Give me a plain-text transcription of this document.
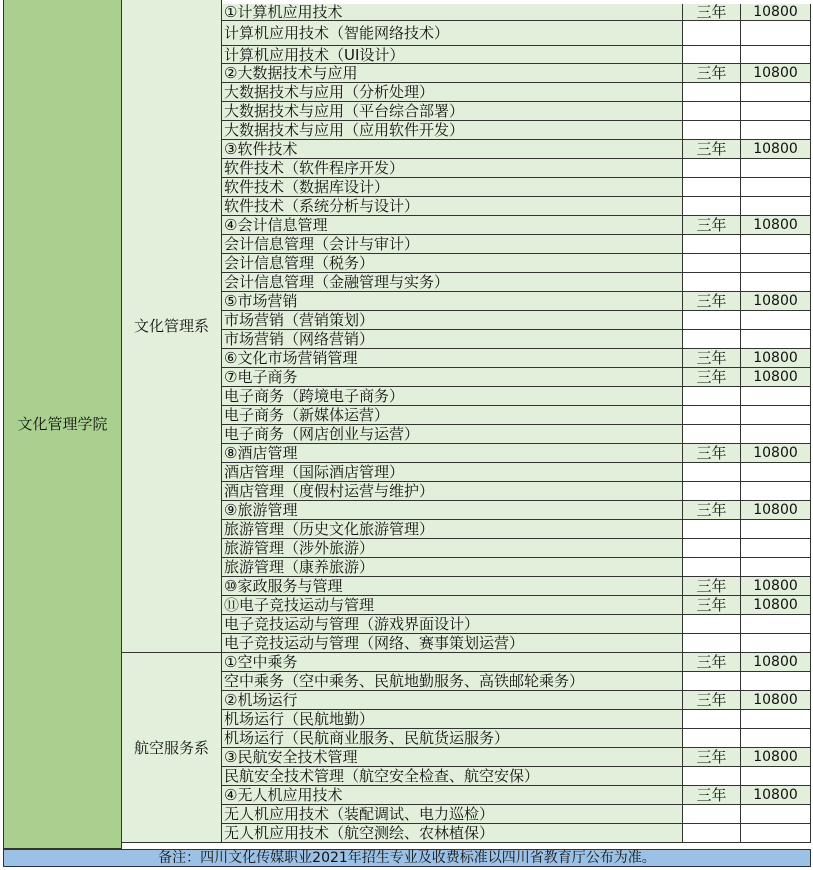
文化管理学院
文化管理系
航空服务系
①计算机应用技术	三年	10800
计算机应用技术（智能网络技术）
计算机应用技术（UI设计）
②大数据技术与应用	三年	10800
大数据技术与应用（分析处理）
大数据技术与应用（平台综合部署）
大数据技术与应用（应用软件开发）
③软件技术	三年	10800
软件技术（软件程序开发）
软件技术（数据库设计）
软件技术（系统分析与设计）
④会计信息管理	三年	10800
会计信息管理（会计与审计）
会计信息管理（税务）
会计信息管理（金融管理与实务）
⑤市场营销	三年	10800
市场营销（营销策划）
市场营销（网络营销）
⑥文化市场营销管理	三年	10800
⑦电子商务	三年	10800
电子商务（跨境电子商务）
电子商务（新媒体运营）
电子商务（网店创业与运营）
⑧酒店管理	三年	10800
酒店管理（国际酒店管理）
酒店管理（度假村运营与维护）
⑨旅游管理	三年	10800
旅游管理（历史文化旅游管理）
旅游管理（涉外旅游）
旅游管理（康养旅游）
⑩家政服务与管理	三年	10800
⑪电子竞技运动与管理	三年	10800
电子竞技运动与管理（游戏界面设计）
电子竞技运动与管理（网络、赛事策划运营）
①空中乘务	三年	10800
空中乘务（空中乘务、民航地勤服务、高铁邮轮乘务）
②机场运行	三年	10800
机场运行（民航地勤）
机场运行（民航商业服务、民航货运服务）
③民航安全技术管理	三年	10800
民航安全技术管理（航空安全检查、航空安保）
④无人机应用技术	三年	10800
无人机应用技术（装配调试、电力巡检）
无人机应用技术（航空测绘、农林植保）
备注：四川文化传媒职业2021年招生专业及收费标准以四川省教育厅公布为准。
